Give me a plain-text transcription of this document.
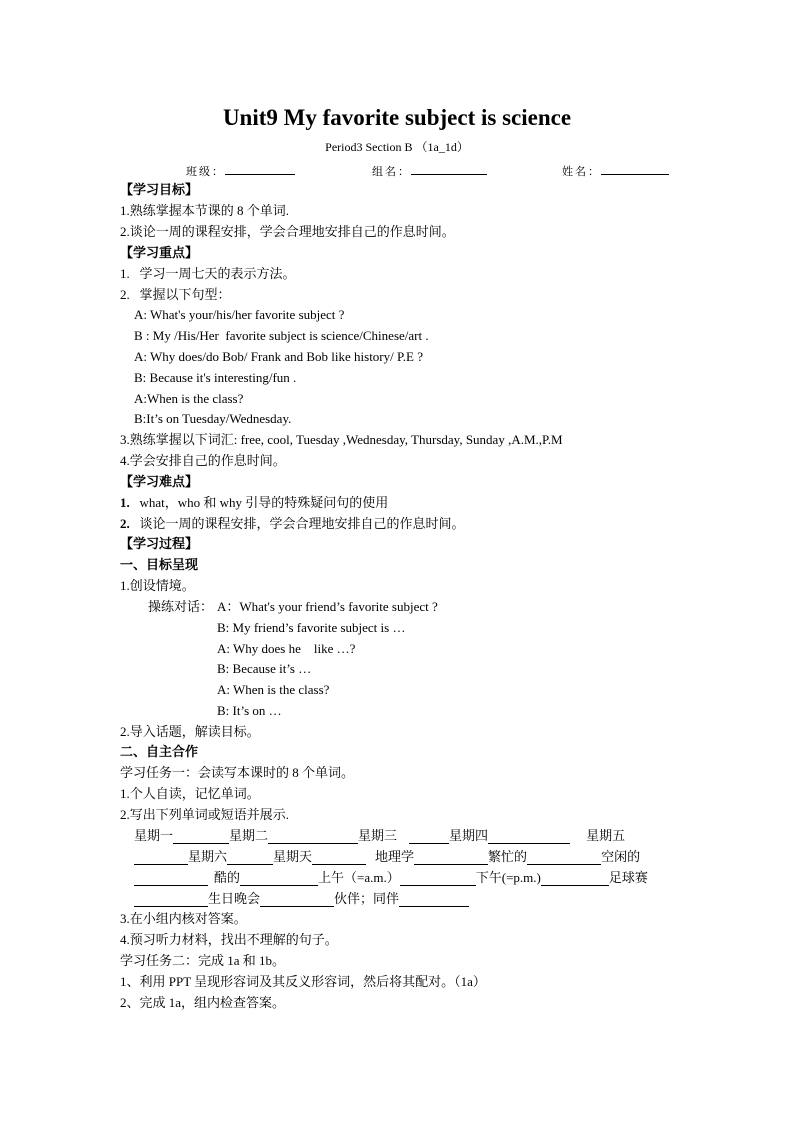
Unit9 My favorite subject is science
Period3 Section B （1a_1d）
班级：	组名：	姓名：
【学习目标】
1.熟练掌握本节课的 8 个单词.
2.谈论一周的课程安排，学会合理地安排自己的作息时间。
【学习重点】
1.   学习一周七天的表示方法。
2.   掌握以下句型：
A: What's your/his/her favorite subject ?
B : My /His/Her  favorite subject is science/Chinese/art .
A: Why does/do Bob/ Frank and Bob like history/ P.E ?
B: Because it's interesting/fun .
A:When is the class?
B:It’s on Tuesday/Wednesday.
3.熟练掌握以下词汇: free, cool, Tuesday ,Wednesday, Thursday, Sunday ,A.M.,P.M
4.学会安排自己的作息时间。
【学习难点】
1. what，who 和 why 引导的特殊疑问句的使用
2. 谈论一周的课程安排，学会合理地安排自己的作息时间。
【学习过程】
一、目标呈现
1.创设情境。
操练对话： A：What's your friend’s favorite subject ?
B: My friend’s favorite subject is …
A: Why does he    like …?
B: Because it’s …
A: When is the class?
B: It’s on …
2.导入话题，解读目标。
二、自主合作
学习任务一：会读写本课时的 8 个单词。
1.个人自读，记忆单词。
2.写出下列单词或短语并展示.
星期一	星期二	星期三	星期四	星期五
星期六	星期天	地理学	繁忙的	空闲的
酷的	上午（=a.m.）	下午(=p.m.)	足球赛
生日晚会	伙伴；同伴
3.在小组内核对答案。
4.预习听力材料，找出不理解的句子。
学习任务二：完成 1a 和 1b。
1、利用 PPT 呈现形容词及其反义形容词，然后将其配对。（1a）
2、完成 1a，组内检查答案。
